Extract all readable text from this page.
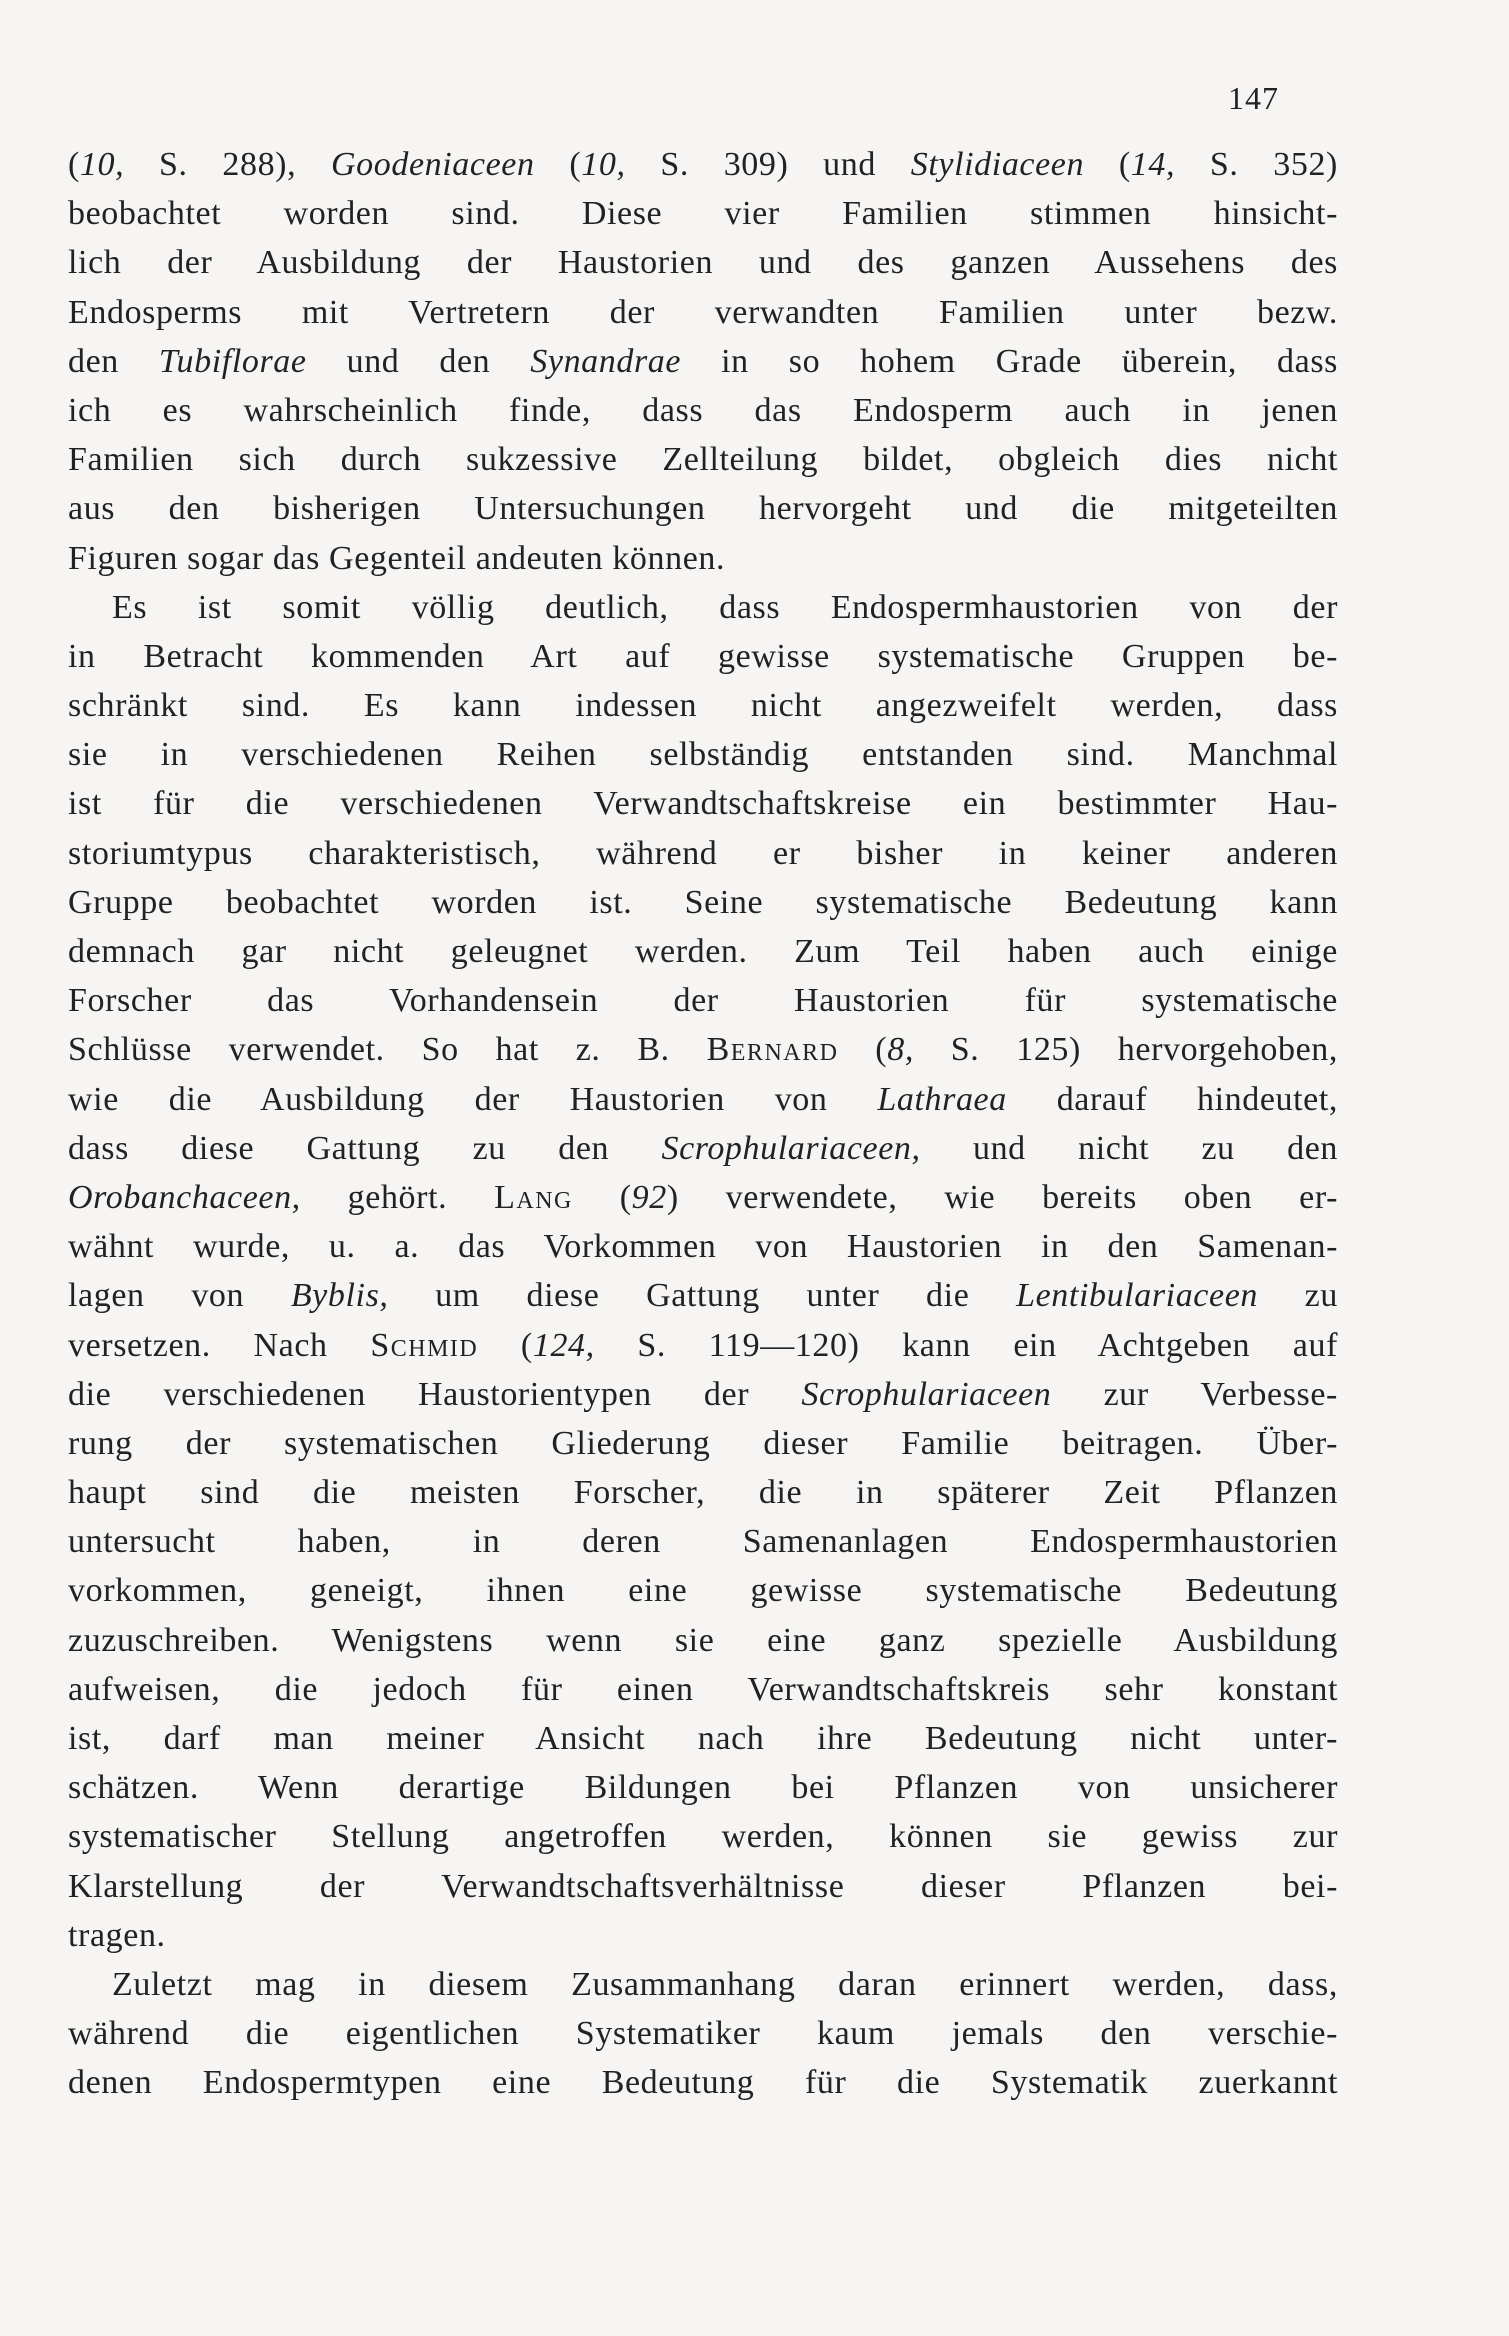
147
(10, S. 288), Goodeniaceen (10, S. 309) und Stylidiaceen (14, S. 352)
beobachtet worden sind. Diese vier Familien stimmen hinsicht-
lich der Ausbildung der Haustorien und des ganzen Aussehens des
Endosperms mit Vertretern der verwandten Familien unter bezw.
den Tubiflorae und den Synandrae in so hohem Grade überein, dass
ich es wahrscheinlich finde, dass das Endosperm auch in jenen
Familien sich durch sukzessive Zellteilung bildet, obgleich dies nicht
aus den bisherigen Untersuchungen hervorgeht und die mitgeteilten
Figuren sogar das Gegenteil andeuten können.
Es ist somit völlig deutlich, dass Endospermhaustorien von der
in Betracht kommenden Art auf gewisse systematische Gruppen be-
schränkt sind. Es kann indessen nicht angezweifelt werden, dass
sie in verschiedenen Reihen selbständig entstanden sind. Manchmal
ist für die verschiedenen Verwandtschaftskreise ein bestimmter Hau-
storiumtypus charakteristisch, während er bisher in keiner anderen
Gruppe beobachtet worden ist. Seine systematische Bedeutung kann
demnach gar nicht geleugnet werden. Zum Teil haben auch einige
Forscher das Vorhandensein der Haustorien für systematische
Schlüsse verwendet. So hat z. B. Bernard (8, S. 125) hervorgehoben,
wie die Ausbildung der Haustorien von Lathraea darauf hindeutet,
dass diese Gattung zu den Scrophulariaceen, und nicht zu den
Orobanchaceen, gehört. Lang (92) verwendete, wie bereits oben er-
wähnt wurde, u. a. das Vorkommen von Haustorien in den Samenan-
lagen von Byblis, um diese Gattung unter die Lentibulariaceen zu
versetzen. Nach Schmid (124, S. 119—120) kann ein Achtgeben auf
die verschiedenen Haustorientypen der Scrophulariaceen zur Verbesse-
rung der systematischen Gliederung dieser Familie beitragen. Über-
haupt sind die meisten Forscher, die in späterer Zeit Pflanzen
untersucht haben, in deren Samenanlagen Endospermhaustorien
vorkommen, geneigt, ihnen eine gewisse systematische Bedeutung
zuzuschreiben. Wenigstens wenn sie eine ganz spezielle Ausbildung
aufweisen, die jedoch für einen Verwandtschaftskreis sehr konstant
ist, darf man meiner Ansicht nach ihre Bedeutung nicht unter-
schätzen. Wenn derartige Bildungen bei Pflanzen von unsicherer
systematischer Stellung angetroffen werden, können sie gewiss zur
Klarstellung der Verwandtschaftsverhältnisse dieser Pflanzen bei-
tragen.
Zuletzt mag in diesem Zusammanhang daran erinnert werden, dass,
während die eigentlichen Systematiker kaum jemals den verschie-
denen Endospermtypen eine Bedeutung für die Systematik zuerkannt
